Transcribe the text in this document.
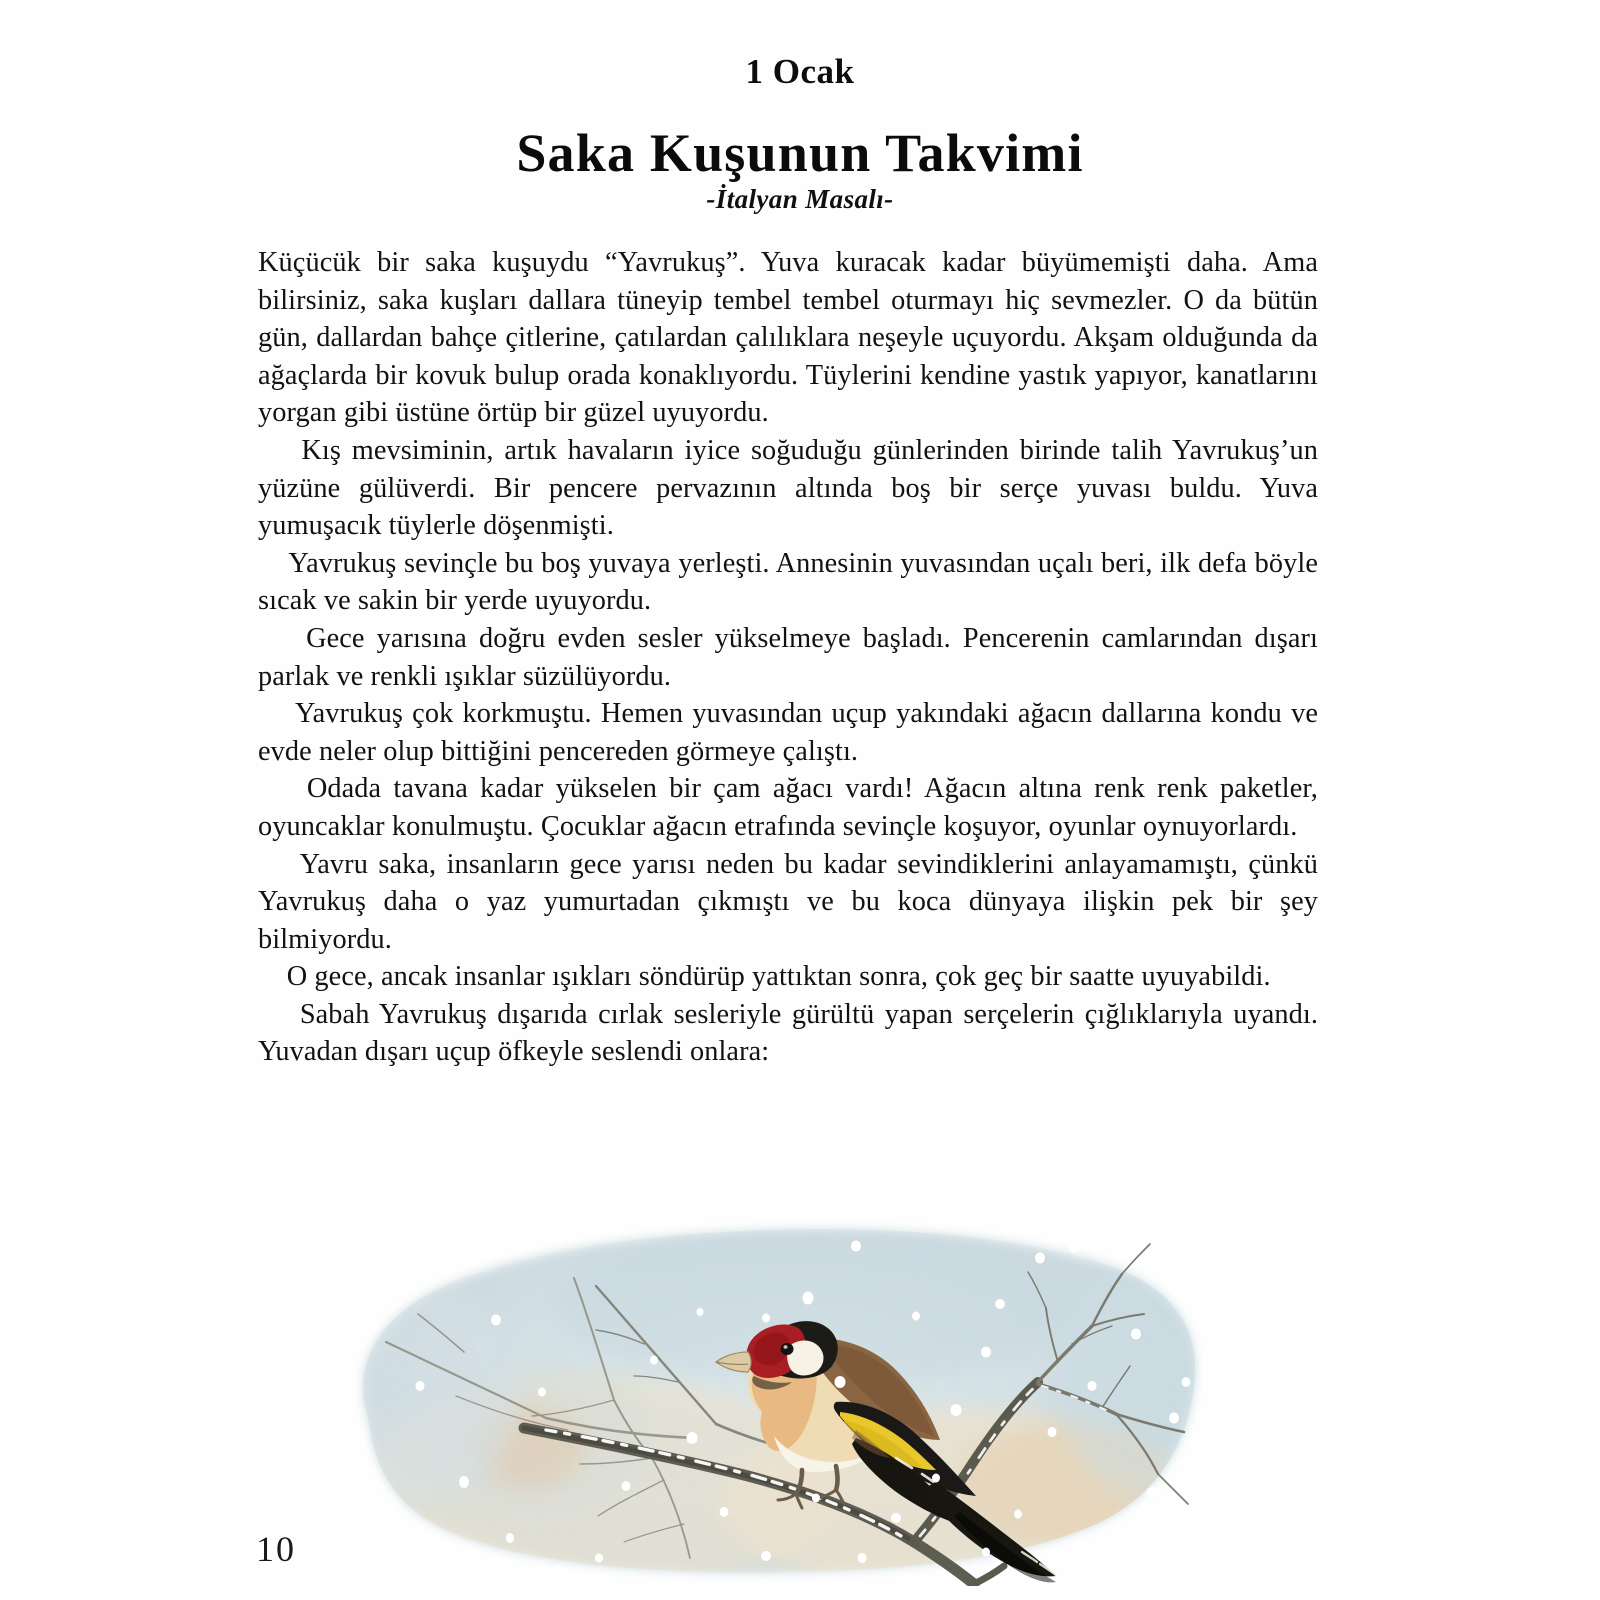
1 Ocak
Saka Kuşunun Takvimi
-İtalyan Masalı-

Küçücük bir saka kuşuydu “Yavrukuş”. Yuva kuracak kadar büyümemişti daha. Ama bilirsiniz, saka kuşları dallara tüneyip tembel tembel oturmayı hiç sevmezler. O da bütün gün, dallardan bahçe çitlerine, çatılardan çalılıklara neşeyle uçuyordu. Akşam olduğunda da ağaçlarda bir kovuk bulup orada konaklıyordu. Tüylerini kendine yastık yapıyor, kanatlarını yorgan gibi üstüne örtüp bir güzel uyuyordu.

Kış mevsiminin, artık havaların iyice soğuduğu günlerinden birinde talih Yavrukuş’un yüzüne gülüverdi. Bir pencere pervazının altında boş bir serçe yuvası buldu. Yuva yumuşacık tüylerle döşenmişti.

Yavrukuş sevinçle bu boş yuvaya yerleşti. Annesinin yuvasından uçalı beri, ilk defa böyle sıcak ve sakin bir yerde uyuyordu.

Gece yarısına doğru evden sesler yükselmeye başladı. Pencerenin camlarından dışarı parlak ve renkli ışıklar süzülüyordu.

Yavrukuş çok korkmuştu. Hemen yuvasından uçup yakındaki ağacın dallarına kondu ve evde neler olup bittiğini pencereden görmeye çalıştı.

Odada tavana kadar yükselen bir çam ağacı vardı! Ağacın altına renk renk paketler, oyuncaklar konulmuştu. Çocuklar ağacın etrafında sevinçle koşuyor, oyunlar oynuyorlardı.

Yavru saka, insanların gece yarısı neden bu kadar sevindiklerini anlayamamıştı, çünkü Yavrukuş daha o yaz yumurtadan çıkmıştı ve bu koca dünyaya ilişkin pek bir şey bilmiyordu.

O gece, ancak insanlar ışıkları söndürüp yattıktan sonra, çok geç bir saatte uyuyabildi.

Sabah Yavrukuş dışarıda cırlak sesleriyle gürültü yapan serçelerin çığlıklarıyla uyandı. Yuvadan dışarı uçup öfkeyle seslendi onlara:

10
